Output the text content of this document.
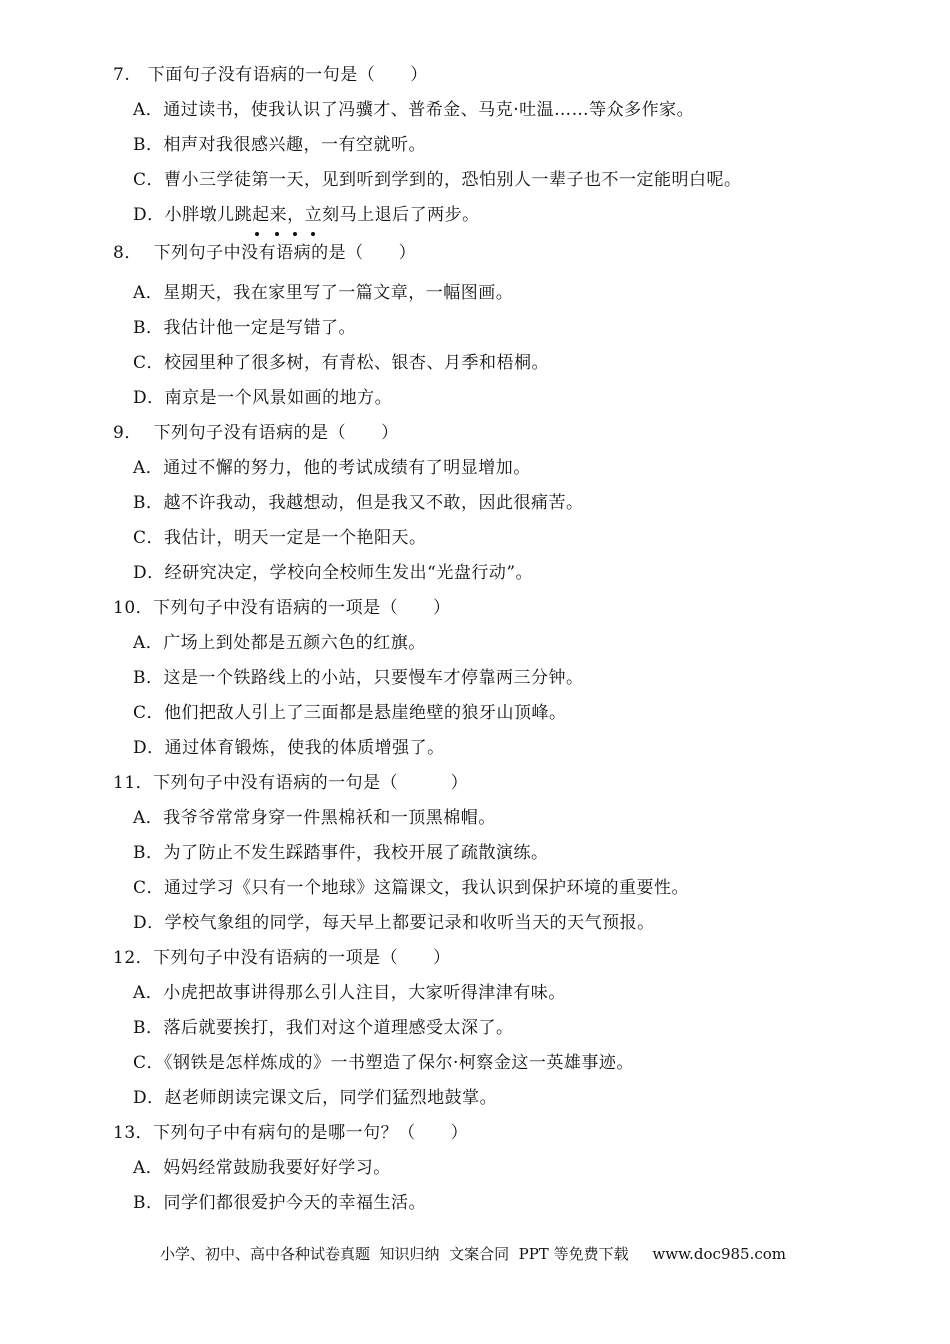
7.　下面句子没有语病的一句是（　　）
A．通过读书，使我认识了冯骥才、普希金、马克·吐温……等众多作家。
B．相声对我很感兴趣，一有空就听。
C．曹小三学徒第一天，见到听到学到的，恐怕别人一辈子也不一定能明白呢。
D．小胖墩儿跳起来，立刻马上退后了两步。
8．  下列句子中没有语病的是（　　）
A．星期天，我在家里写了一篇文章，一幅图画。
B．我估计他一定是写错了。
C．校园里种了很多树，有青松、银杏、月季和梧桐。
D．南京是一个风景如画的地方。
9．  下列句子没有语病的是（　　）
A．通过不懈的努力，他的考试成绩有了明显增加。
B．越不许我动，我越想动，但是我又不敢，因此很痛苦。
C．我估计，明天一定是一个艳阳天。
D．经研究决定，学校向全校师生发出“光盘行动”。
10．下列句子中没有语病的一项是（　　）
A．广场上到处都是五颜六色的红旗。
B．这是一个铁路线上的小站，只要慢车才停靠两三分钟。
C．他们把敌人引上了三面都是悬崖绝壁的狼牙山顶峰。
D．通过体育锻炼，使我的体质增强了。
11．下列句子中没有语病的一句是（　　　）
A．我爷爷常常身穿一件黑棉袄和一顶黑棉帽。
B．为了防止不发生踩踏事件，我校开展了疏散演练。
C．通过学习《只有一个地球》这篇课文，我认识到保护环境的重要性。
D．学校气象组的同学，每天早上都要记录和收听当天的天气预报。
12．下列句子中没有语病的一项是（　　）
A．小虎把故事讲得那么引人注目，大家听得津津有味。
B．落后就要挨打，我们对这个道理感受太深了。
C．《钢铁是怎样炼成的》一书塑造了保尔·柯察金这一英雄事迹。
D．赵老师朗读完课文后，同学们猛烈地鼓掌。
13．下列句子中有病句的是哪一句？（　　）
A．妈妈经常鼓励我要好好学习。
B．同学们都很爱护今天的幸福生活。
小学、初中、高中各种试卷真题  知识归纳  文案合同  PPT 等免费下载     www.doc985.com
